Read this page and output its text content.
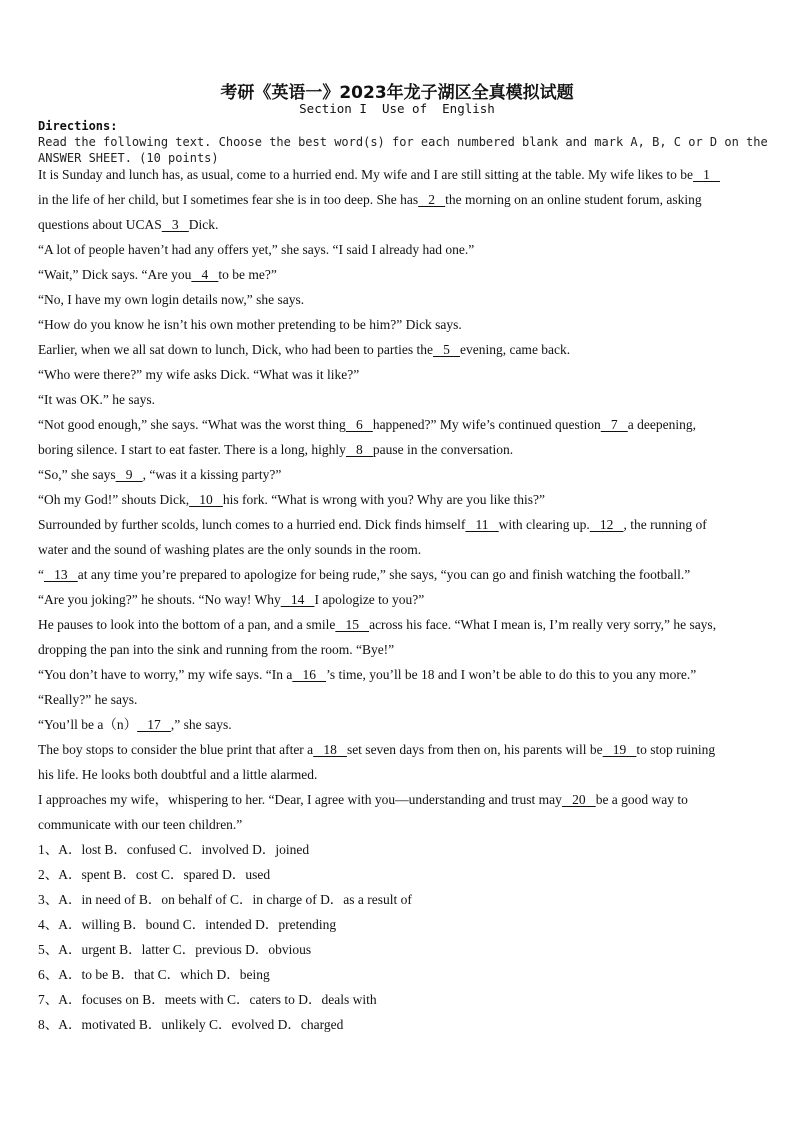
考研《英语一》2023年龙子湖区全真模拟试题
Section I  Use of  English
Directions:
Read the following text. Choose the best word(s) for each numbered blank and mark A, B, C or D on the
ANSWER SHEET. (10 points)
It is Sunday and lunch has, as usual, come to a hurried end. My wife and I are still sitting at the table. My wife likes to be   1
in the life of her child, but I sometimes fear she is in too deep. She has   2   the morning on an online student forum, asking
questions about UCAS   3   Dick.
“A lot of people haven’t had any offers yet,” she says. “I said I already had one.”
“Wait,” Dick says. “Are you   4   to be me?”
“No, I have my own login details now,” she says.
“How do you know he isn’t his own mother pretending to be him?” Dick says.
Earlier, when we all sat down to lunch, Dick, who had been to parties the   5   evening, came back.
“Who were there?” my wife asks Dick. “What was it like?”
“It was OK.” he says.
“Not good enough,” she says. “What was the worst thing   6   happened?” My wife’s continued question   7   a deepening,
boring silence. I start to eat faster. There is a long, highly   8   pause in the conversation.
“So,” she says   9   , “was it a kissing party?”
“Oh my God!” shouts Dick,   10   his fork. “What is wrong with you? Why are you like this?”
Surrounded by further scolds, lunch comes to a hurried end. Dick finds himself   11   with clearing up.   12   , the running of
water and the sound of washing plates are the only sounds in the room.
“   13   at any time you’re prepared to apologize for being rude,” she says, “you can go and finish watching the football.”
“Are you joking?” he shouts. “No way! Why   14   I apologize to you?”
He pauses to look into the bottom of a pan, and a smile   15   across his face. “What I mean is, I’m really very sorry,” he says,
dropping the pan into the sink and running from the room. “Bye!”
“You don’t have to worry,” my wife says. “In a   16   ’s time, you’ll be 18 and I won’t be able to do this to you any more.”
“Really?” he says.
“You’ll be a（n）   17   ,” she says.
The boy stops to consider the blue print that after a   18   set seven days from then on, his parents will be   19   to stop ruining
his life. He looks both doubtful and a little alarmed.
I approaches my wife，whispering to her. “Dear, I agree with you—understanding and trust may   20   be a good way to
communicate with our teen children.”
1、A．lost B．confused C．involved D．joined
2、A．spent B．cost C．spared D．used
3、A．in need of B．on behalf of C．in charge of D．as a result of
4、A．willing B．bound C．intended D．pretending
5、A．urgent B．latter C．previous D．obvious
6、A．to be B．that C．which D．being
7、A．focuses on B．meets with C．caters to D．deals with
8、A．motivated B．unlikely C．evolved D．charged
